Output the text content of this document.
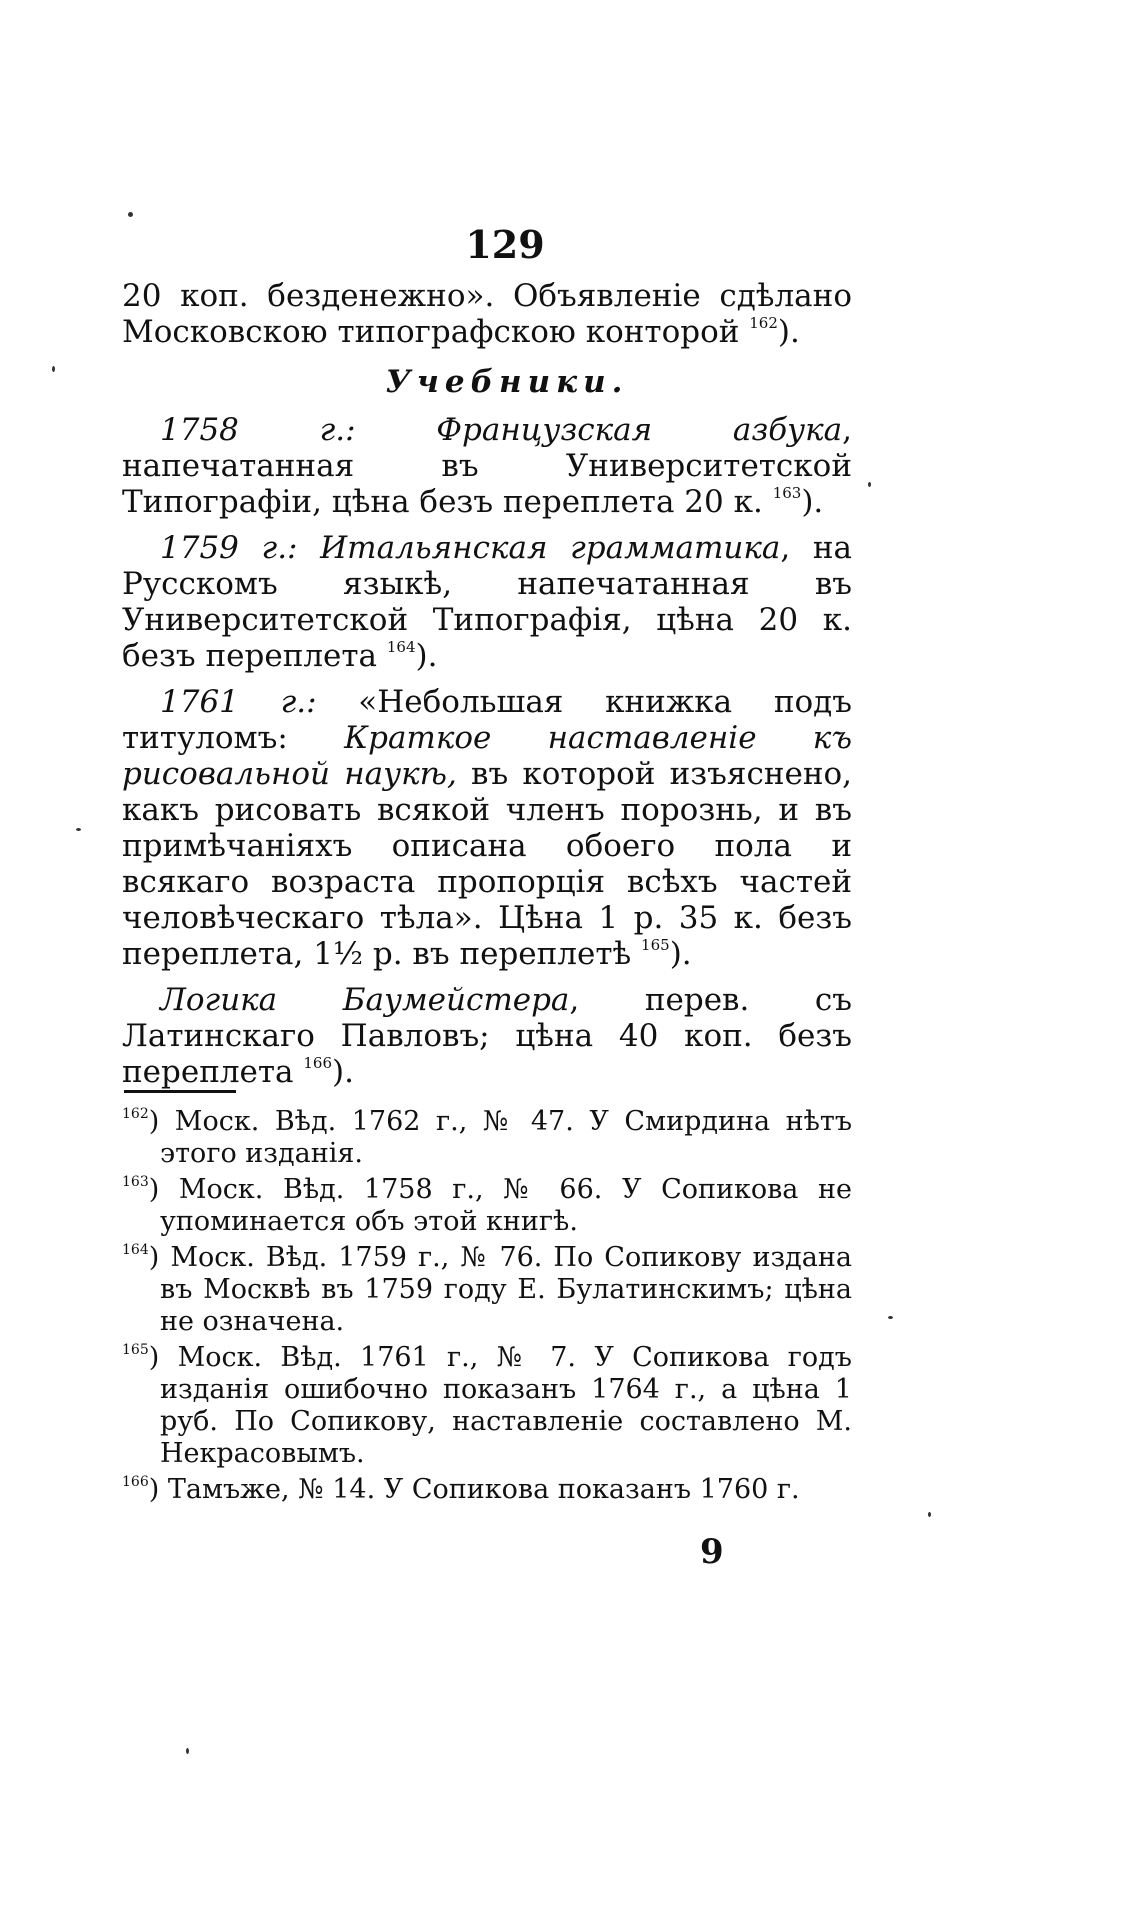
129

20 коп. безденежно». Объявленіе сдѣлано Московскою типографскою конторой $^{162}$).

Учебники.

1758 г.:	Французская азбука, напечатанная въ Университетской Типографіи, цѣна безъ переплета 20 к. $^{163}$).

1759 г.: Итальянская грамматика, на Русскомъ языкѣ, напечатанная въ Университетской Типографія, цѣна 20 к. безъ переплета $^{164}$).

1761 г.: «Небольшая книжка подъ титуломъ: Краткое наставленіе къ рисовальной наукѣ, въ которой изъяснено, какъ рисовать всякой членъ порознь, и въ примѣчаніяхъ описана обоего пола и всякаго возраста пропорція всѣхъ частей человѣческаго тѣла». Цѣна 1 р. 35 к. безъ переплета, 1½ р. въ переплетѣ $^{165}$).

Логика Баумейстера, перев. съ Латинскаго Павловъ; цѣна 40 коп. безъ переплета $^{166}$).

$^{162}$) Моск. Вѣд. 1762 г., № 47. У Смирдина нѣтъ этого изданія.

$^{163}$) Моск. Вѣд. 1758 г., № 66. У Сопикова не упоминается объ этой книгѣ.

$^{164}$) Моск. Вѣд. 1759 г., № 76. По Сопикову издана въ Москвѣ въ 1759 году Е. Булатинскимъ; цѣна не означена.

$^{165}$) Моск. Вѣд. 1761 г., № 7. У Сопикова годъ изданія ошибочно показанъ 1764 г., а цѣна 1 руб. По Сопикову, наставленіе составлено М. Некрасовымъ.

$^{166}$) Тамъже, № 14. У Сопикова показанъ 1760 г.

9
